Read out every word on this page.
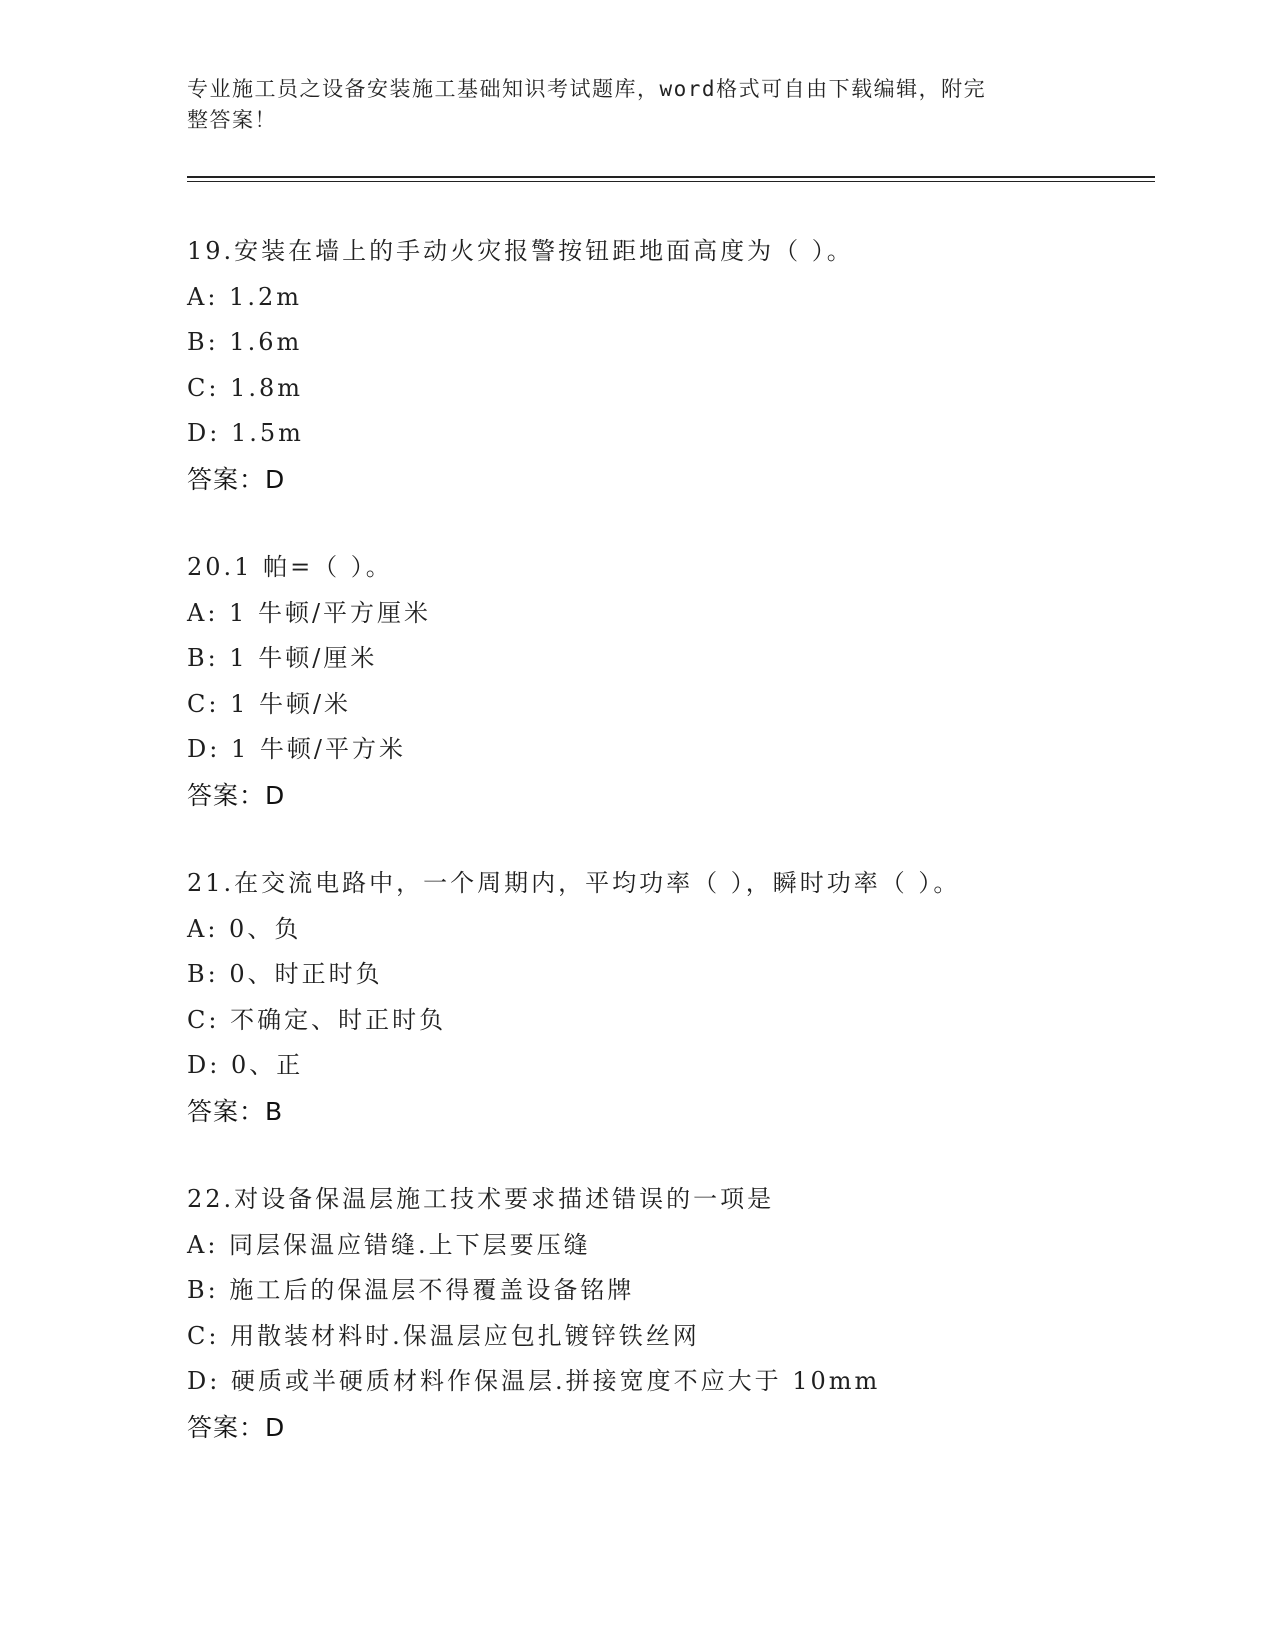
专业施工员之设备安装施工基础知识考试题库，word格式可自由下载编辑，附完
整答案！
19.安装在墙上的手动火灾报警按钮距地面高度为（ ）。
A: 1.2m
B: 1.6m
C: 1.8m
D: 1.5m
答案：D
20.1 帕=（ ）。
A: 1 牛顿/平方厘米
B: 1 牛顿/厘米
C: 1 牛顿/米
D: 1 牛顿/平方米
答案：D
21.在交流电路中，一个周期内，平均功率（ ），瞬时功率（ ）。
A: 0、负
B: 0、时正时负
C: 不确定、时正时负
D: 0、正
答案：B
22.对设备保温层施工技术要求描述错误的一项是
A: 同层保温应错缝.上下层要压缝
B: 施工后的保温层不得覆盖设备铭牌
C: 用散装材料时.保温层应包扎镀锌铁丝网
D: 硬质或半硬质材料作保温层.拼接宽度不应大于 10mm
答案：D
